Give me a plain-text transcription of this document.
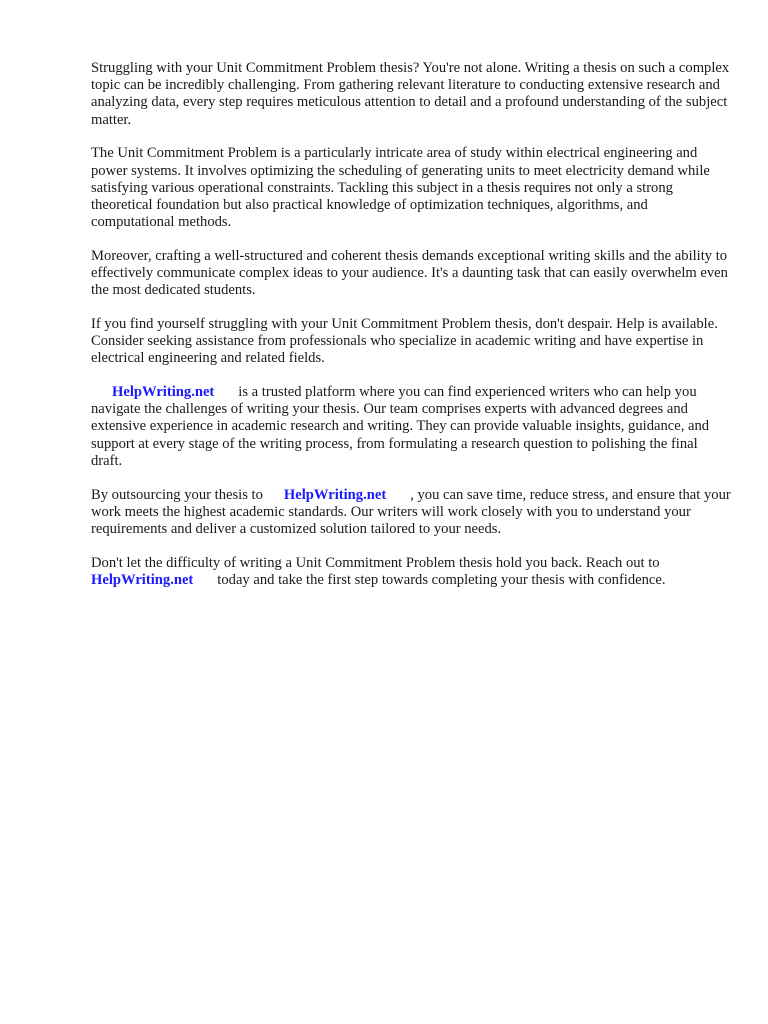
Struggling with your Unit Commitment Problem thesis? You're not alone. Writing a thesis on such a complex topic can be incredibly challenging. From gathering relevant literature to conducting extensive research and analyzing data, every step requires meticulous attention to detail and a profound understanding of the subject matter.

The Unit Commitment Problem is a particularly intricate area of study within electrical engineering and power systems. It involves optimizing the scheduling of generating units to meet electricity demand while satisfying various operational constraints. Tackling this subject in a thesis requires not only a strong theoretical foundation but also practical knowledge of optimization techniques, algorithms, and computational methods.

Moreover, crafting a well-structured and coherent thesis demands exceptional writing skills and the ability to effectively communicate complex ideas to your audience. It's a daunting task that can easily overwhelm even the most dedicated students.

If you find yourself struggling with your Unit Commitment Problem thesis, don't despair. Help is available. Consider seeking assistance from professionals who specialize in academic writing and have expertise in electrical engineering and related fields.

HelpWriting.net is a trusted platform where you can find experienced writers who can help you navigate the challenges of writing your thesis. Our team comprises experts with advanced degrees and extensive experience in academic research and writing. They can provide valuable insights, guidance, and support at every stage of the writing process, from formulating a research question to polishing the final draft.

By outsourcing your thesis to HelpWriting.net , you can save time, reduce stress, and ensure that your work meets the highest academic standards. Our writers will work closely with you to understand your requirements and deliver a customized solution tailored to your needs.

Don't let the difficulty of writing a Unit Commitment Problem thesis hold you back. Reach out to HelpWriting.net today and take the first step towards completing your thesis with confidence.
